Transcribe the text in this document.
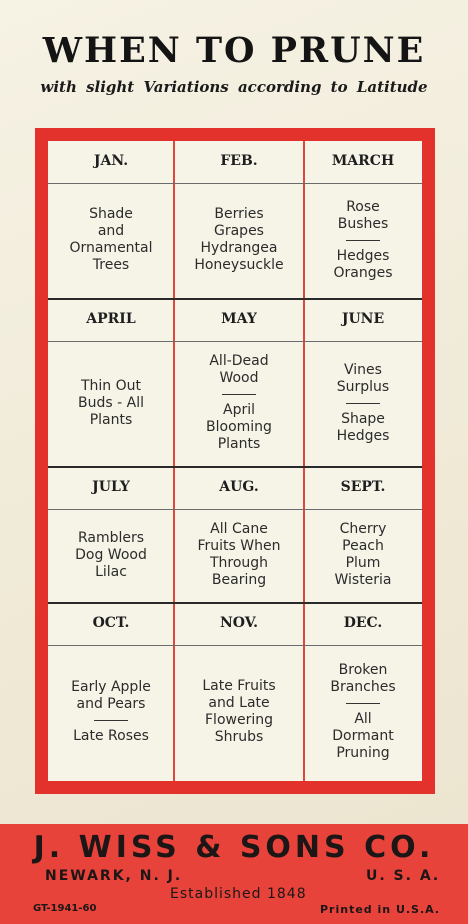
WHEN TO PRUNE
with slight Variations according to Latitude
JAN.
Shade
and
Ornamental
Trees
FEB.
Berries
Grapes
Hydrangea
Honeysuckle
MARCH
Rose
Bushes
Hedges
Oranges
APRIL
Thin Out
Buds - All
Plants
MAY
All-Dead
Wood
April
Blooming
Plants
JUNE
Vines
Surplus
Shape
Hedges
JULY
Ramblers
Dog Wood
Lilac
AUG.
All Cane
Fruits When
Through
Bearing
SEPT.
Cherry
Peach
Plum
Wisteria
OCT.
Early Apple
and Pears
Late Roses
NOV.
Late Fruits
and Late
Flowering
Shrubs
DEC.
Broken
Branches
All
Dormant
Pruning
J. WISS & SONS CO.
NEWARK, N. J.	U. S. A.
Established 1848
GT-1941-60	Printed in U.S.A.
